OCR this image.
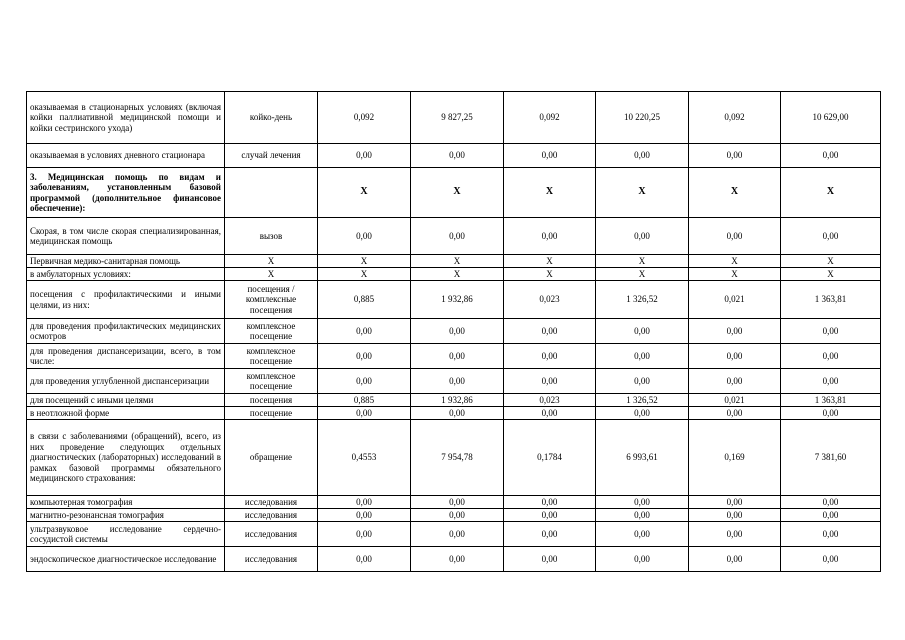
оказываемая в стационарных условиях (включая койки паллиативной медицинской помощи и койки сестринского ухода)	койко-день	0,092	9 827,25	0,092	10 220,25	0,092	10 629,00
оказываемая в условиях дневного стационара	случай лечения	0,00	0,00	0,00	0,00	0,00	0,00
3. Медицинская помощь по видам и заболеваниям, установленным базовой программой (дополнительное финансовое обеспечение):		X	X	X	X	X	X
Скорая, в том числе скорая специализированная, медицинская помощь	вызов	0,00	0,00	0,00	0,00	0,00	0,00
Первичная медико-санитарная помощь	X	X	X	X	X	X	X
в амбулаторных условиях:	X	X	X	X	X	X	X
посещения с профилактическими и иными целями, из них:	посещения / комплексные посещения	0,885	1 932,86	0,023	1 326,52	0,021	1 363,81
для проведения профилактических медицинских осмотров	комплексное посещение	0,00	0,00	0,00	0,00	0,00	0,00
для проведения диспансеризации, всего, в том числе:	комплексное посещение	0,00	0,00	0,00	0,00	0,00	0,00
для проведения углубленной диспансеризации	комплексное посещение	0,00	0,00	0,00	0,00	0,00	0,00
для посещений с иными целями	посещения	0,885	1 932,86	0,023	1 326,52	0,021	1 363,81
в неотложной форме	посещение	0,00	0,00	0,00	0,00	0,00	0,00
в связи с заболеваниями (обращений), всего, из них проведение следующих отдельных диагностических (лабораторных) исследований в рамках базовой программы обязательного медицинского страхования:	обращение	0,4553	7 954,78	0,1784	6 993,61	0,169	7 381,60
компьютерная томография	исследования	0,00	0,00	0,00	0,00	0,00	0,00
магнитно-резонансная томография	исследования	0,00	0,00	0,00	0,00	0,00	0,00
ультразвуковое исследование сердечно-сосудистой системы	исследования	0,00	0,00	0,00	0,00	0,00	0,00
эндоскопическое диагностическое исследование	исследования	0,00	0,00	0,00	0,00	0,00	0,00
